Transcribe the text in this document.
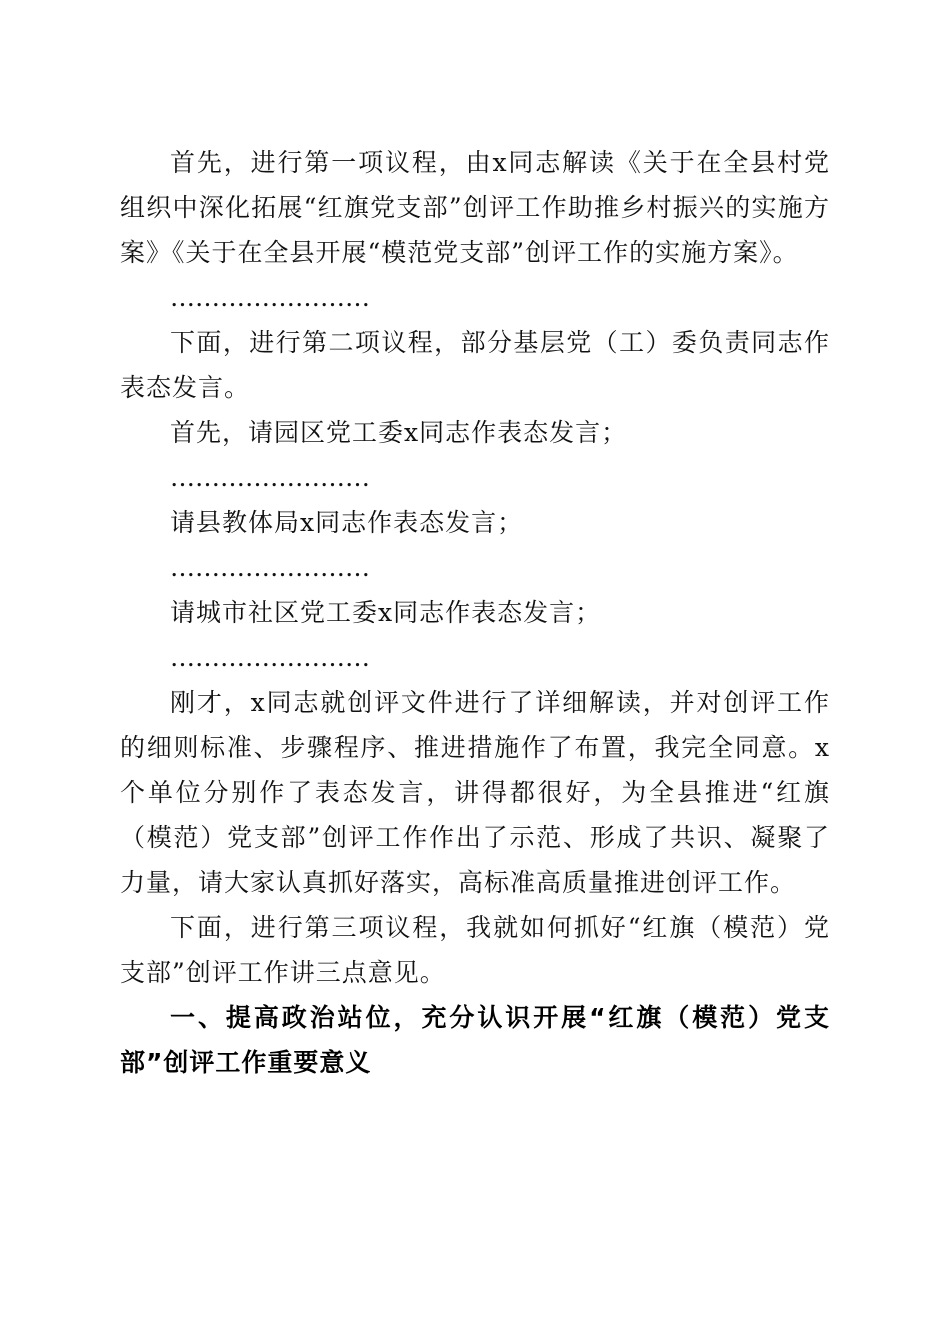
首先，进行第一项议程，由x同志解读《关于在全县村党组织中深化拓展“红旗党支部”创评工作助推乡村振兴的实施方案》《关于在全县开展“模范党支部”创评工作的实施方案》。

……………………

下面，进行第二项议程，部分基层党（工）委负责同志作表态发言。

首先，请园区党工委x同志作表态发言；

……………………

请县教体局x同志作表态发言；

……………………

请城市社区党工委x同志作表态发言；

……………………

刚才，x同志就创评文件进行了详细解读，并对创评工作的细则标准、步骤程序、推进措施作了布置，我完全同意。x个单位分别作了表态发言，讲得都很好，为全县推进“红旗（模范）党支部”创评工作作出了示范、形成了共识、凝聚了力量，请大家认真抓好落实，高标准高质量推进创评工作。

下面，进行第三项议程，我就如何抓好“红旗（模范）党支部”创评工作讲三点意见。

一、提高政治站位，充分认识开展“红旗（模范）党支部”创评工作重要意义
